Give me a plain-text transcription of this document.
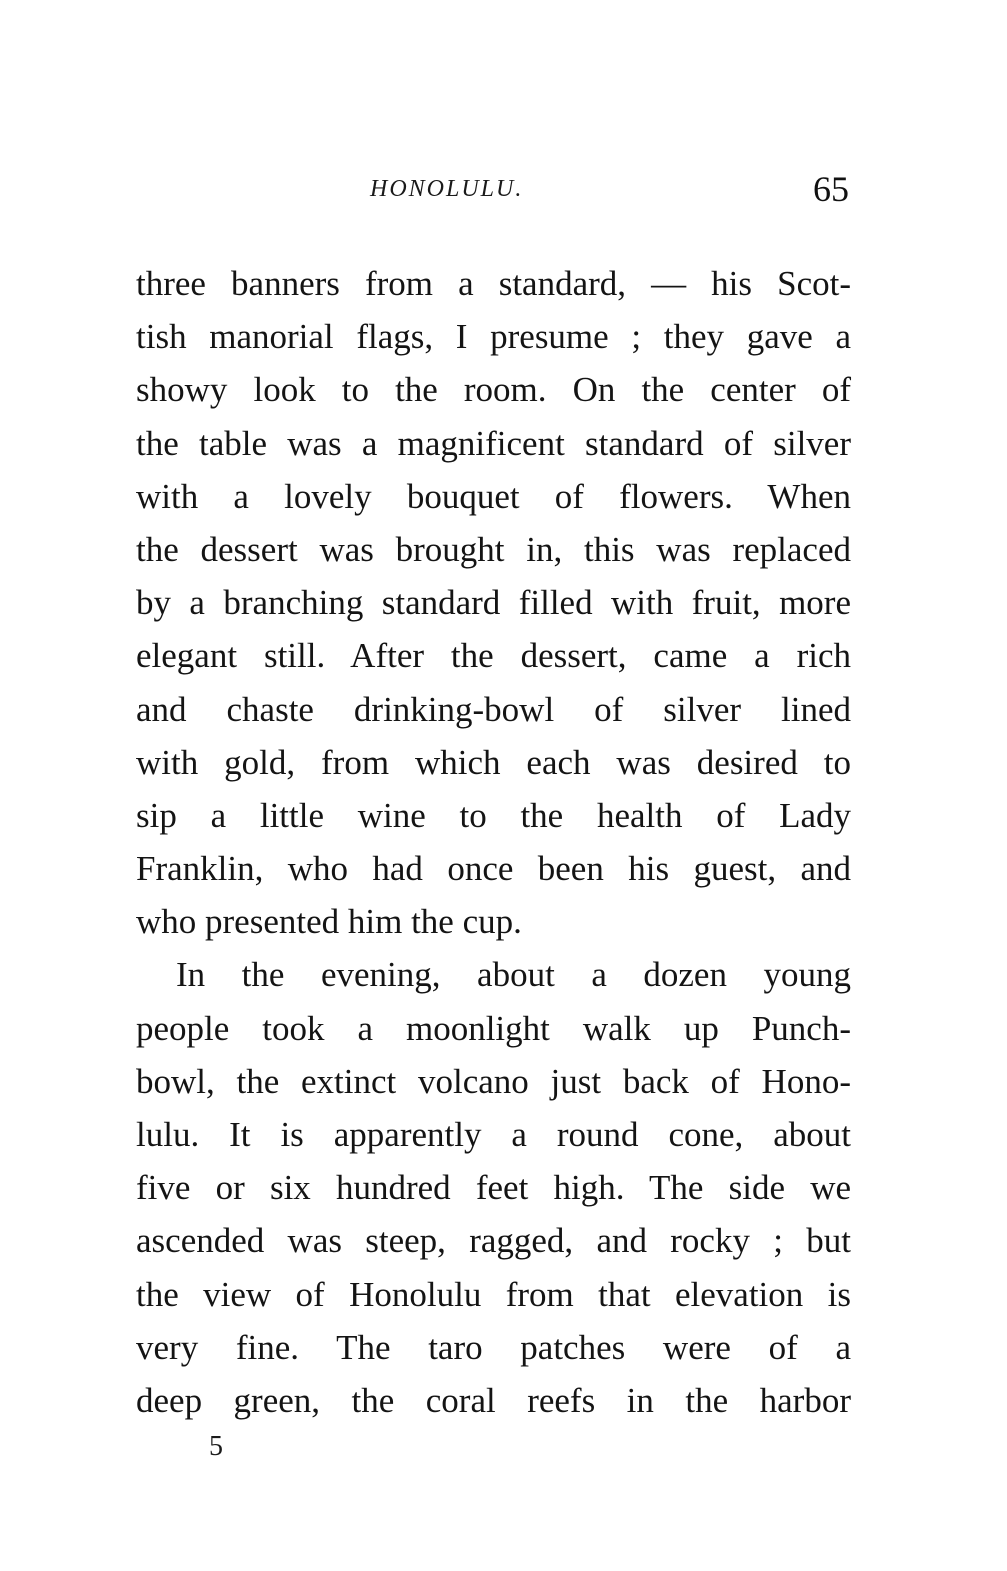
HONOLULU.	65
three banners from a standard, — his Scot-
tish manorial flags, I presume ; they gave a
showy look to the room. On the center of
the table was a magnificent standard of silver
with a lovely bouquet of flowers. When
the dessert was brought in, this was replaced
by a branching standard filled with fruit, more
elegant still. After the dessert, came a rich
and chaste drinking-bowl of silver lined
with gold, from which each was desired to
sip a little wine to the health of Lady
Franklin, who had once been his guest, and
who presented him the cup.
In the evening, about a dozen young
people took a moonlight walk up Punch-
bowl, the extinct volcano just back of Hono-
lulu. It is apparently a round cone, about
five or six hundred feet high. The side we
ascended was steep, ragged, and rocky ; but
the view of Honolulu from that elevation is
very fine. The taro patches were of a
deep green, the coral reefs in the harbor
5
